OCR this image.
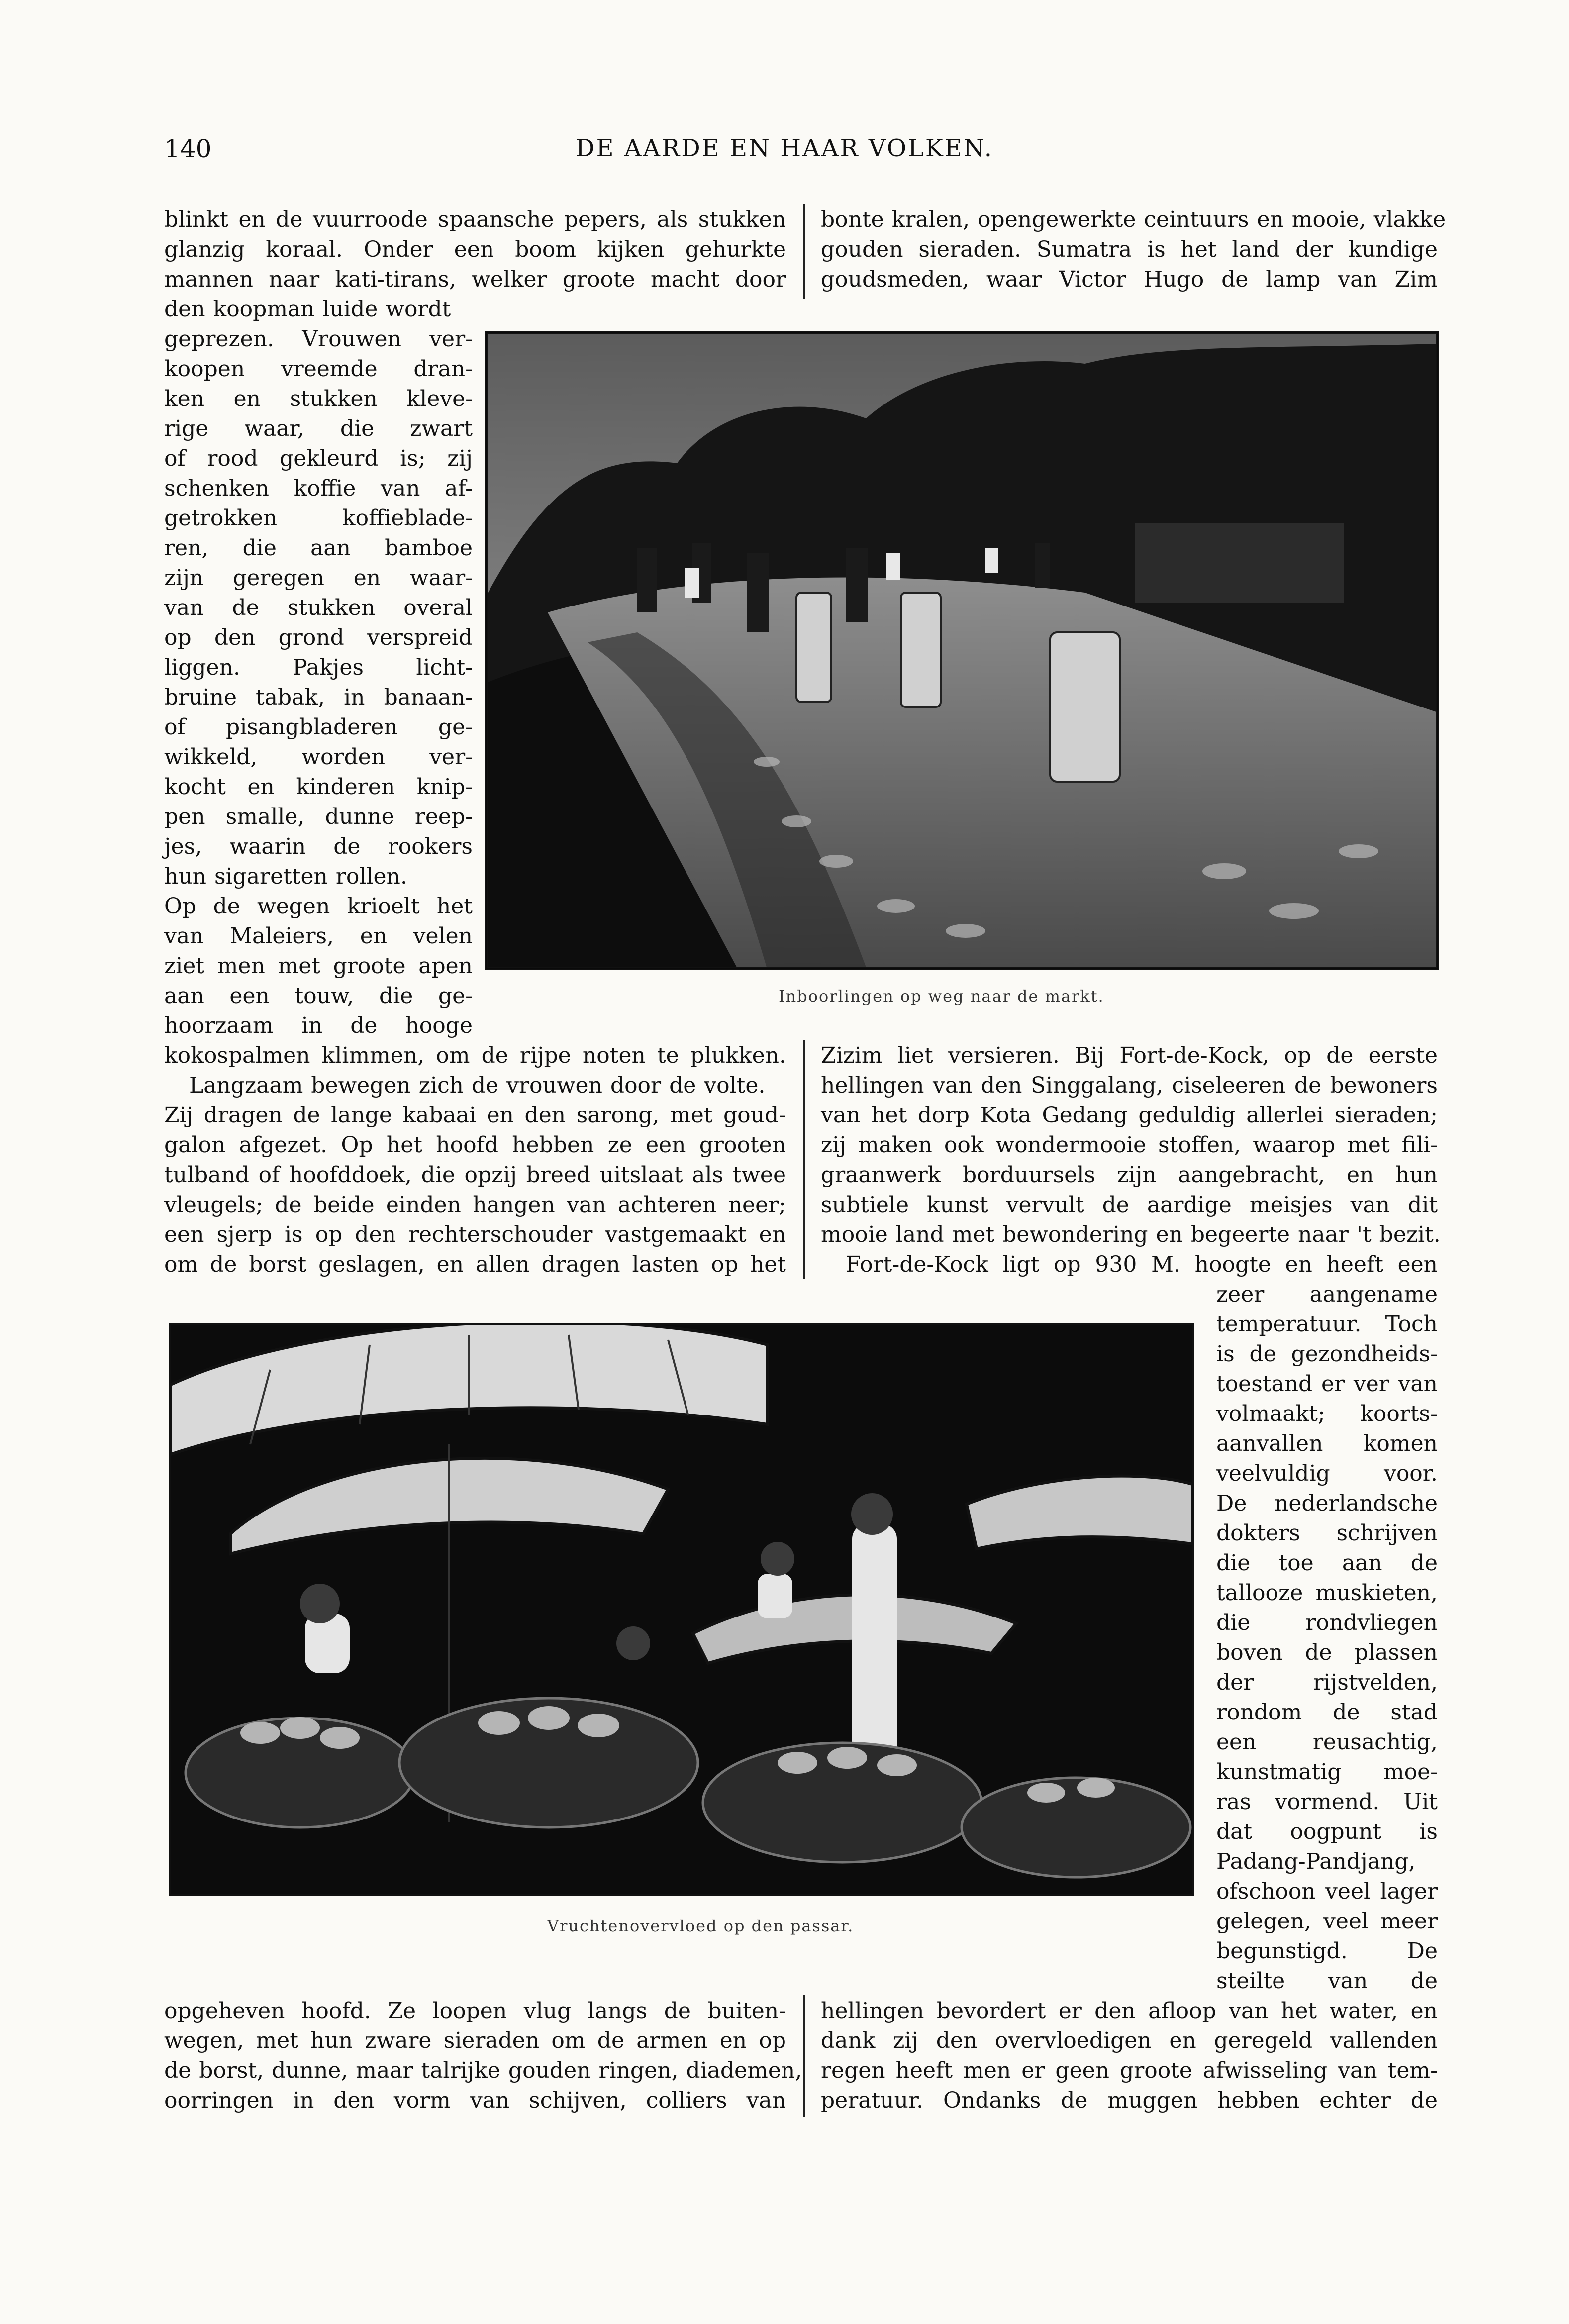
140	DE AARDE EN HAAR VOLKEN.
blinkt en de vuurroode spaansche pepers, als stukken
glanzig koraal. Onder een boom kijken gehurkte
mannen naar kati-tirans, welker groote macht door
den koopman luide wordt
geprezen. Vrouwen ver-
koopen vreemde dran-
ken en stukken kleve-
rige waar, die zwart
of rood gekleurd is; zij
schenken koffie van af-
getrokken koffiebladе-
ren, die aan bamboe
zijn geregen en waar-
van de stukken overal
op den grond verspreid
liggen. Pakjes licht-
bruine tabak, in banaan-
of pisangbladeren ge-
wikkeld, worden ver-
kocht en kinderen knip-
pen smalle, dunne reep-
jes, waarin de rookers
hun sigaretten rollen.
Op de wegen krioelt het
van Maleiers, en velen
ziet men met groote apen
aan een touw, die ge-
hoorzaam in de hooge
kokospalmen klimmen, om de rijpe noten te plukken.
Langzaam bewegen zich de vrouwen door de volte.
Zij dragen de lange kabaai en den sarong, met goud-
galon afgezet. Op het hoofd hebben ze een grooten
tulband of hoofddoek, die opzij breed uitslaat als twee
vleugels; de beide einden hangen van achteren neer;
een sjerp is op den rechterschouder vastgemaakt en
om de borst geslagen, en allen dragen lasten op het
bonte kralen, opengewerkte ceintuurs en mooie, vlakke
gouden sieraden. Sumatra is het land der kundige
goudsmeden, waar Victor Hugo de lamp van Zim
Zizim liet versieren. Bij Fort-de-Kock, op de eerste
hellingen van den Singgalang, ciseleeren de bewoners
van het dorp Kota Gedang geduldig allerlei sieraden;
zij maken ook wondermooie stoffen, waarop met fili-
graanwerk borduursels zijn aangebracht, en hun
subtiele kunst vervult de aardige meisjes van dit
mooie land met bewondering en begeerte naar 't bezit.
Fort-de-Kock ligt op 930 M. hoogte en heeft een
zeer aangename
temperatuur. Toch
is de gezondheids-
toestand er ver van
volmaakt; koorts-
aanvallen komen
veelvuldig voor.
De nederlandsche
dokters schrijven
die toe aan de
tallooze muskieten,
die rondvliegen
boven de plassen
der rijstvelden,
rondom de stad
een reusachtig,
kunstmatig moe-
ras vormend. Uit
dat oogpunt is
Padang-Pandjang,
ofschoon veel lager
gelegen, veel meer
begunstigd. De
steilte van de
opgeheven hoofd. Ze loopen vlug langs de buiten-
wegen, met hun zware sieraden om de armen en op
de borst, dunne, maar talrijke gouden ringen, diademen,
oorringen in den vorm van schijven, colliers van
hellingen bevordert er den afloop van het water, en
dank zij den overvloedigen en geregeld vallenden
regen heeft men er geen groote afwisseling van tem-
peratuur. Ondanks de muggen hebben echter de
Inboorlingen op weg naar de markt.
Vruchtenovervloed op den passar.
